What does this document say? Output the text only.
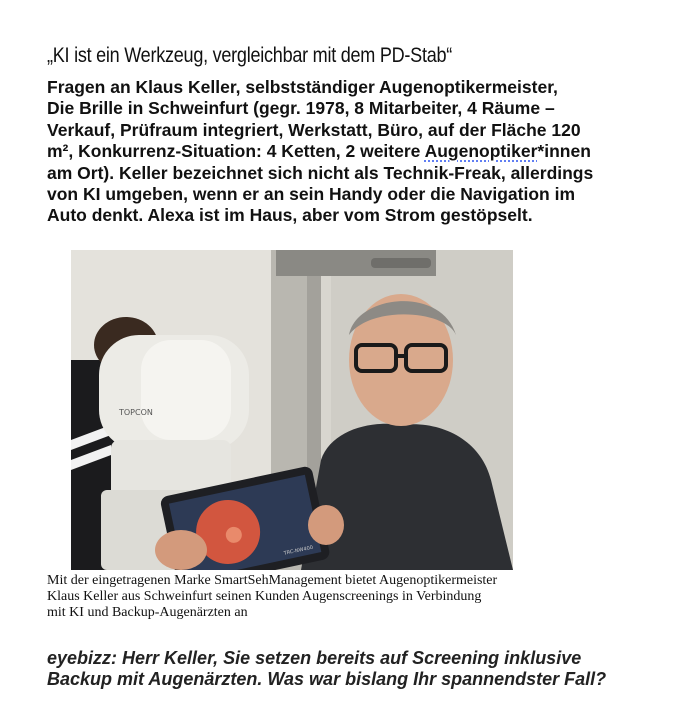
„KI ist ein Werkzeug, vergleichbar mit dem PD-Stab“
Fragen an Klaus Keller, selbstständiger Augenoptikermeister,
Die Brille in Schweinfurt (gegr. 1978, 8 Mitarbeiter, 4 Räume –
Verkauf, Prüfraum integriert, Werkstatt, Büro, auf der Fläche 120
m², Konkurrenz-Situation: 4 Ketten, 2 weitere Augenoptiker*innen
am Ort). Keller bezeichnet sich nicht als Technik-Freak, allerdings
von KI umgeben, wenn er an sein Handy oder die Navigation im
Auto denkt. Alexa ist im Haus, aber vom Strom gestöpselt.
TOPCON
TRC-NW400
Mit der eingetragenen Marke SmartSehManagement bietet Augenoptikermeister
Klaus Keller aus Schweinfurt seinen Kunden Augenscreenings in Verbindung
mit KI und Backup-Augenärzten an
eyebizz: Herr Keller, Sie setzen bereits auf Screening inklusive
Backup mit Augenärzten. Was war bislang Ihr spannendster Fall?
